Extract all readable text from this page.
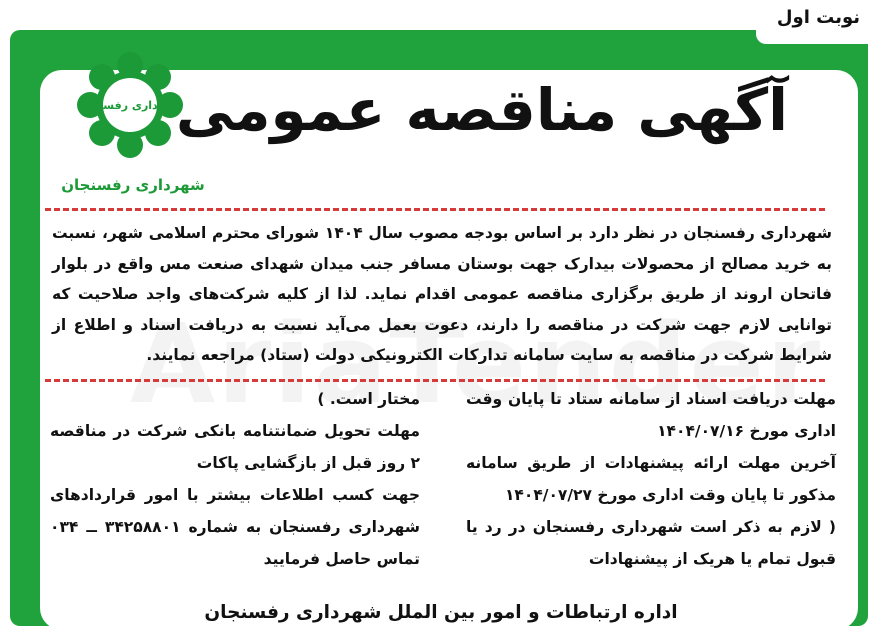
نوبت اول
شهرداری رفسنجان
شهرداری رفسنجان
آگهی مناقصه عمومی
شهرداری رفسنجان در نظر دارد بر اساس بودجه مصوب سال ۱۴۰۴ شورای محترم اسلامی شهر، نسبت به خرید مصالح از محصولات بیدارک جهت بوستان مسافر جنب میدان شهدای صنعت مس واقع در بلوار فاتحان اروند از طریق برگزاری مناقصه عمومی اقدام نماید. لذا از کلیه شرکت‌های واجد صلاحیت که توانایی لازم جهت شرکت در مناقصه را دارند، دعوت بعمل می‌آید نسبت به دریافت اسناد و اطلاع از شرایط شرکت در مناقصه به سایت سامانه تدارکات الکترونیکی دولت (ستاد) مراجعه نمایند.

مهلت دریافت اسناد از سامانه ستاد تا پایان وقت اداری مورخ ۱۴۰۴/۰۷/۱۶

آخرین مهلت ارائه پیشنهادات از طریق سامانه مذکور تا پایان وقت اداری مورخ ۱۴۰۴/۰۷/۲۷

( لازم به ذکر است شهرداری رفسنجان در رد یا قبول تمام یا هریک از پیشنهادات

مختار است. )

مهلت تحویل ضمانتنامه بانکی شرکت در مناقصه ۲ روز قبل از بازگشایی پاکات

جهت کسب اطلاعات بیشتر با امور قراردادهای شهرداری رفسنجان به شماره ۳۴۲۵۸۸۰۱ ــ ۰۳۴ تماس حاصل فرمایید

اداره ارتباطات و امور بین الملل شهرداری رفسنجان
